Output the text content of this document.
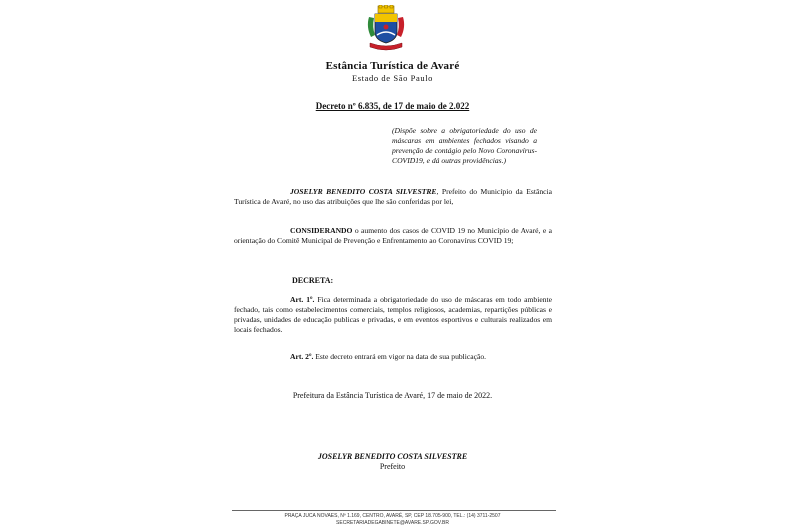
Estância Turística de Avaré
Estado de São Paulo
Decreto nº 6.835, de 17 de maio de 2.022
(Dispõe sobre a obrigatoriedade do uso de máscaras em ambientes fechados visando a prevenção de contágio pelo Novo Coronavírus-COVID19, e dá outras providências.)
JOSELYR BENEDITO COSTA SILVESTRE, Prefeito do Município da Estância Turística de Avaré, no uso das atribuições que lhe são conferidas por lei,
CONSIDERANDO o aumento dos casos de COVID 19 no Município de Avaré, e a orientação do Comitê Municipal de Prevenção e Enfrentamento ao Coronavírus COVID 19;
DECRETA:
Art. 1º. Fica determinada a obrigatoriedade do uso de máscaras em todo ambiente fechado, tais como estabelecimentos comerciais, templos religiosos, academias, repartições públicas e privadas, unidades de educação publicas e privadas, e em eventos esportivos e culturais realizados em locais fechados.
Art. 2º. Este decreto entrará em vigor na data de sua publicação.
Prefeitura da Estância Turística de Avaré, 17 de maio de 2022.
JOSELYR BENEDITO COSTA SILVESTRE
Prefeito
PRAÇA JUCA NOVAES, Nº 1.169, CENTRO, AVARÉ, SP, CEP 18.705-900, TEL.: (14) 3711-2507
SECRETARIADEGABINETE@AVARE.SP.GOV.BR
